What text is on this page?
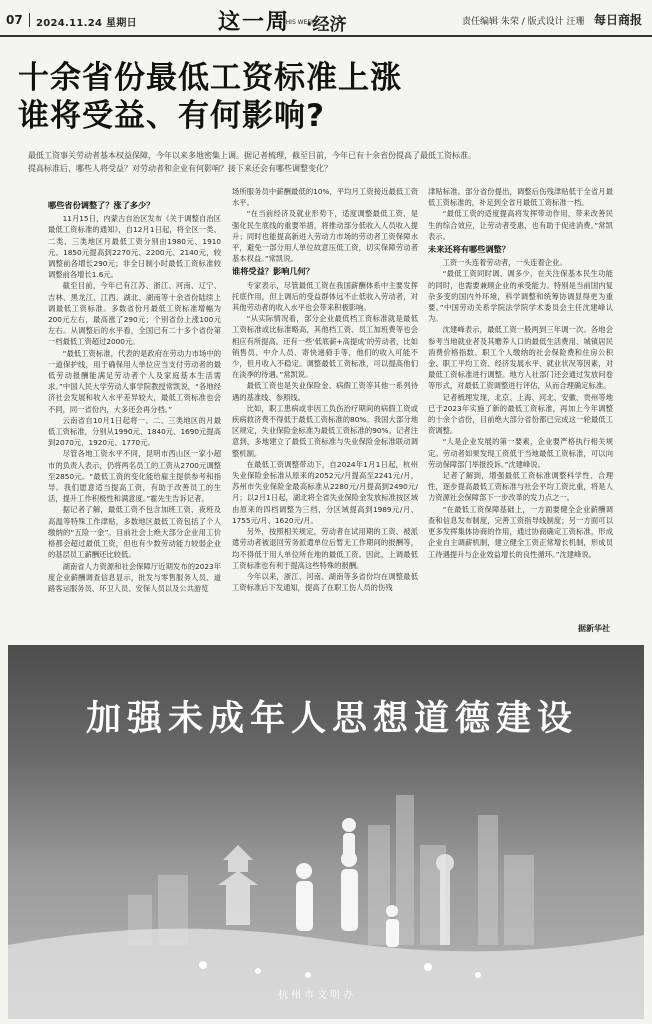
07 2024.11.24 星期日	这一周
THIS WEEK
·经济	责任编辑 朱荣 / 版式设计 汪珊 每日商报
十余省份最低工资标准上涨
谁将受益、有何影响?
最低工资事关劳动者基本权益保障，今年以来多地密集上调。据记者梳理，截至目前，今年已有十余省份提高了最低工资标准。
提高标准后，哪些人将受益？对劳动者和企业有何影响？接下来还会有哪些调整变化？

哪些省份调整了？涨了多少？

11月15日，内蒙古自治区发布《关于调整自治区最低工资标准的通知》，自12月1日起，将全区一类、二类、三类地区月最低工资分别由1980元、1910元、1850元提高到2270元、2200元、2140元，较调整前各增长290元；非全日制小时最低工资标准较调整前各增长1.6元。

截至目前，今年已有江苏、浙江、河南、辽宁、吉林、黑龙江、江西、湖北、湖南等十余省份陆续上调最低工资标准。多数省份月最低工资标准增幅为200元左右，最高涨了290元；个别省份上涨100元左右。从调整后的水平看，全国已有二十多个省份第一档最低工资超过2000元。

“最低工资标准，代表的是政府在劳动力市场中的一道保护线，用于确保用人单位应当支付劳动者的最低劳动报酬能满足劳动者个人及家庭基本生活需求。”中国人民大学劳动人事学院教授常凯说，“各地经济社会发展和收入水平差异较大，最低工资标准也会不同，同一省份内，大多还会再分档。”

云南省自10月1日起将一、二、三类地区的月最低工资标准，分别从1990元、1840元、1690元提高到2070元、1920元、1770元。

尽管各地工资水平不同，昆明市西山区一家小超市的负责人表示，仍将两名员工的工资从2700元调整至2850元。“最低工资的变化能给雇主提供参考和指导。我们愿意适当提高工资，有助于改善员工的生活，提升工作积极性和满意度。”霍先生告诉记者。

据记者了解，最低工资不包含加班工资、夜班及高温等特殊工作津贴，多数地区最低工资包括了个人缴纳的“五险一金”。目前社会上绝大部分企业用工价格都会超过最低工资，但也有少数劳动能力较弱企业的基层员工薪酬还比较低。

湖南省人力资源和社会保障厅近期发布的2023年度企业薪酬调查信息显示，批发与零售服务人员、道路客运服务员、环卫人员、安保人员以及公共游览

场所服务员中薪酬最低的10%，平均月工资接近最低工资水平。

“在当前经济及就业形势下，适度调整最低工资，是强化民生底线的重要举措，将推动部分低收入人员收入提升；同时也能提高新进入劳动力市场的劳动者工资保障水平，避免一部分用人单位故意压低工资，切实保障劳动者基本权益。”常凯说。

谁将受益？影响几何？

专家表示，尽管最低工资在我国薪酬体系中主要发挥托底作用，但上调后的受益群体远不止低收入劳动者，对其他劳动者的收入水平也会带来积极影响。

“从实际情况看，部分企业最低档工资标准就是最低工资标准或比标准略高，其他档工资、员工加班费等也会相应有所提高。还有一些‘低底薪+高提成’的劳动者，比如销售员、中介人员、寄快递骑手等，他们的收入可能不少，但月收入不稳定。调整最低工资标准，可以提高他们在淡季的待遇。”常凯说。

最低工资也是失业保险金、病假工资等其他一系列待遇的基准线、参照线。

比如，职工患病或非因工负伤治疗期间的病假工资或疾病救济费不得低于最低工资标准的80%。我国大部分地区规定，失业保险金标准为最低工资标准的90%。记者注意到，多地建立了最低工资标准与失业保险金标准联动调整机制。

在最低工资调整带动下，自2024年1月1日起，杭州失业保险金标准从原来的2052元/月提高至2241元/月，苏州市失业保险金最高标准从2280元/月提高到2490元/月；以2月1日起，湖北将全省失业保险金发放标准按区域由原来的四档调整为三档，分区域提高到1989元/月、1755元/月、1620元/月。

另外，按照相关规定，劳动者在试用期的工资、被派遣劳动者被退回劳务派遣单位后暂无工作期间的报酬等，均不得低于用人单位所在地的最低工资。因此，上调最低工资标准也有利于提高这些特殊的报酬。

今年以来，浙江、河南、湖南等多省份均在调整最低工资标准后下发通知，提高了在职工伤人员的伤残

津贴标准。部分省份提出，调整后伤残津贴低于全省月最低工资标准的，补足到全省月最低工资标准一档。

“最低工资的适度提高将发挥带动作用，带来改善民生的综合效应，让劳动者受惠，也有助于促进消费。”常凯表示。

未来还将有哪些调整？

工资一头连着劳动者，一头连着企业。

“最低工资同时调、调多少，在关注保基本民生功能的同时，也需要兼顾企业的承受能力。特别是当前国内复杂多变的国内外环境，科学调整和统筹协调显得更为重要。”中国劳动关系学院法学院学术委员会主任沈建峰认为。

沈建峰表示，最低工资一般两到三年调一次。各地会参考当地就业者及其赡养人口的最低生活费用、城镇居民消费价格指数、职工个人缴纳的社会保险费和住房公积金、职工平均工资、经济发展水平、就业状况等因素，对最低工资标准进行调整。地方人社部门还会通过发放问卷等形式，对最低工资调整进行评估，从而合理确定标准。

记者梳理发现，北京、上海、河北、安徽、贵州等地已于2023年实施了新的最低工资标准，再加上今年调整的十余个省份，目前绝大部分省份都已完成这一轮最低工资调整。

“人是企业发展的第一要素，企业要严格执行相关规定。劳动者如果发现工资低于当地最低工资标准，可以向劳动保障部门举报投诉。”沈建峰说。

记者了解到，增强最低工资标准调整科学性、合理性，逐步提高最低工资标准与社会平均工资比重，将是人力资源社会保障部下一步改革的发力点之一。

“在最低工资保障基础上，一方面要健全企业薪酬调查和信息发布制度，完善工资指导线制度；另一方面可以更多发挥集体协商的作用，通过协商确定工资标准，形成企业自主调薪机制，建立健全工资正常增长机制，形成员工待遇提升与企业效益增长的良性循环。”沈建峰说。

据新华社
加强未成年人思想道德建设
杭州市文明办
